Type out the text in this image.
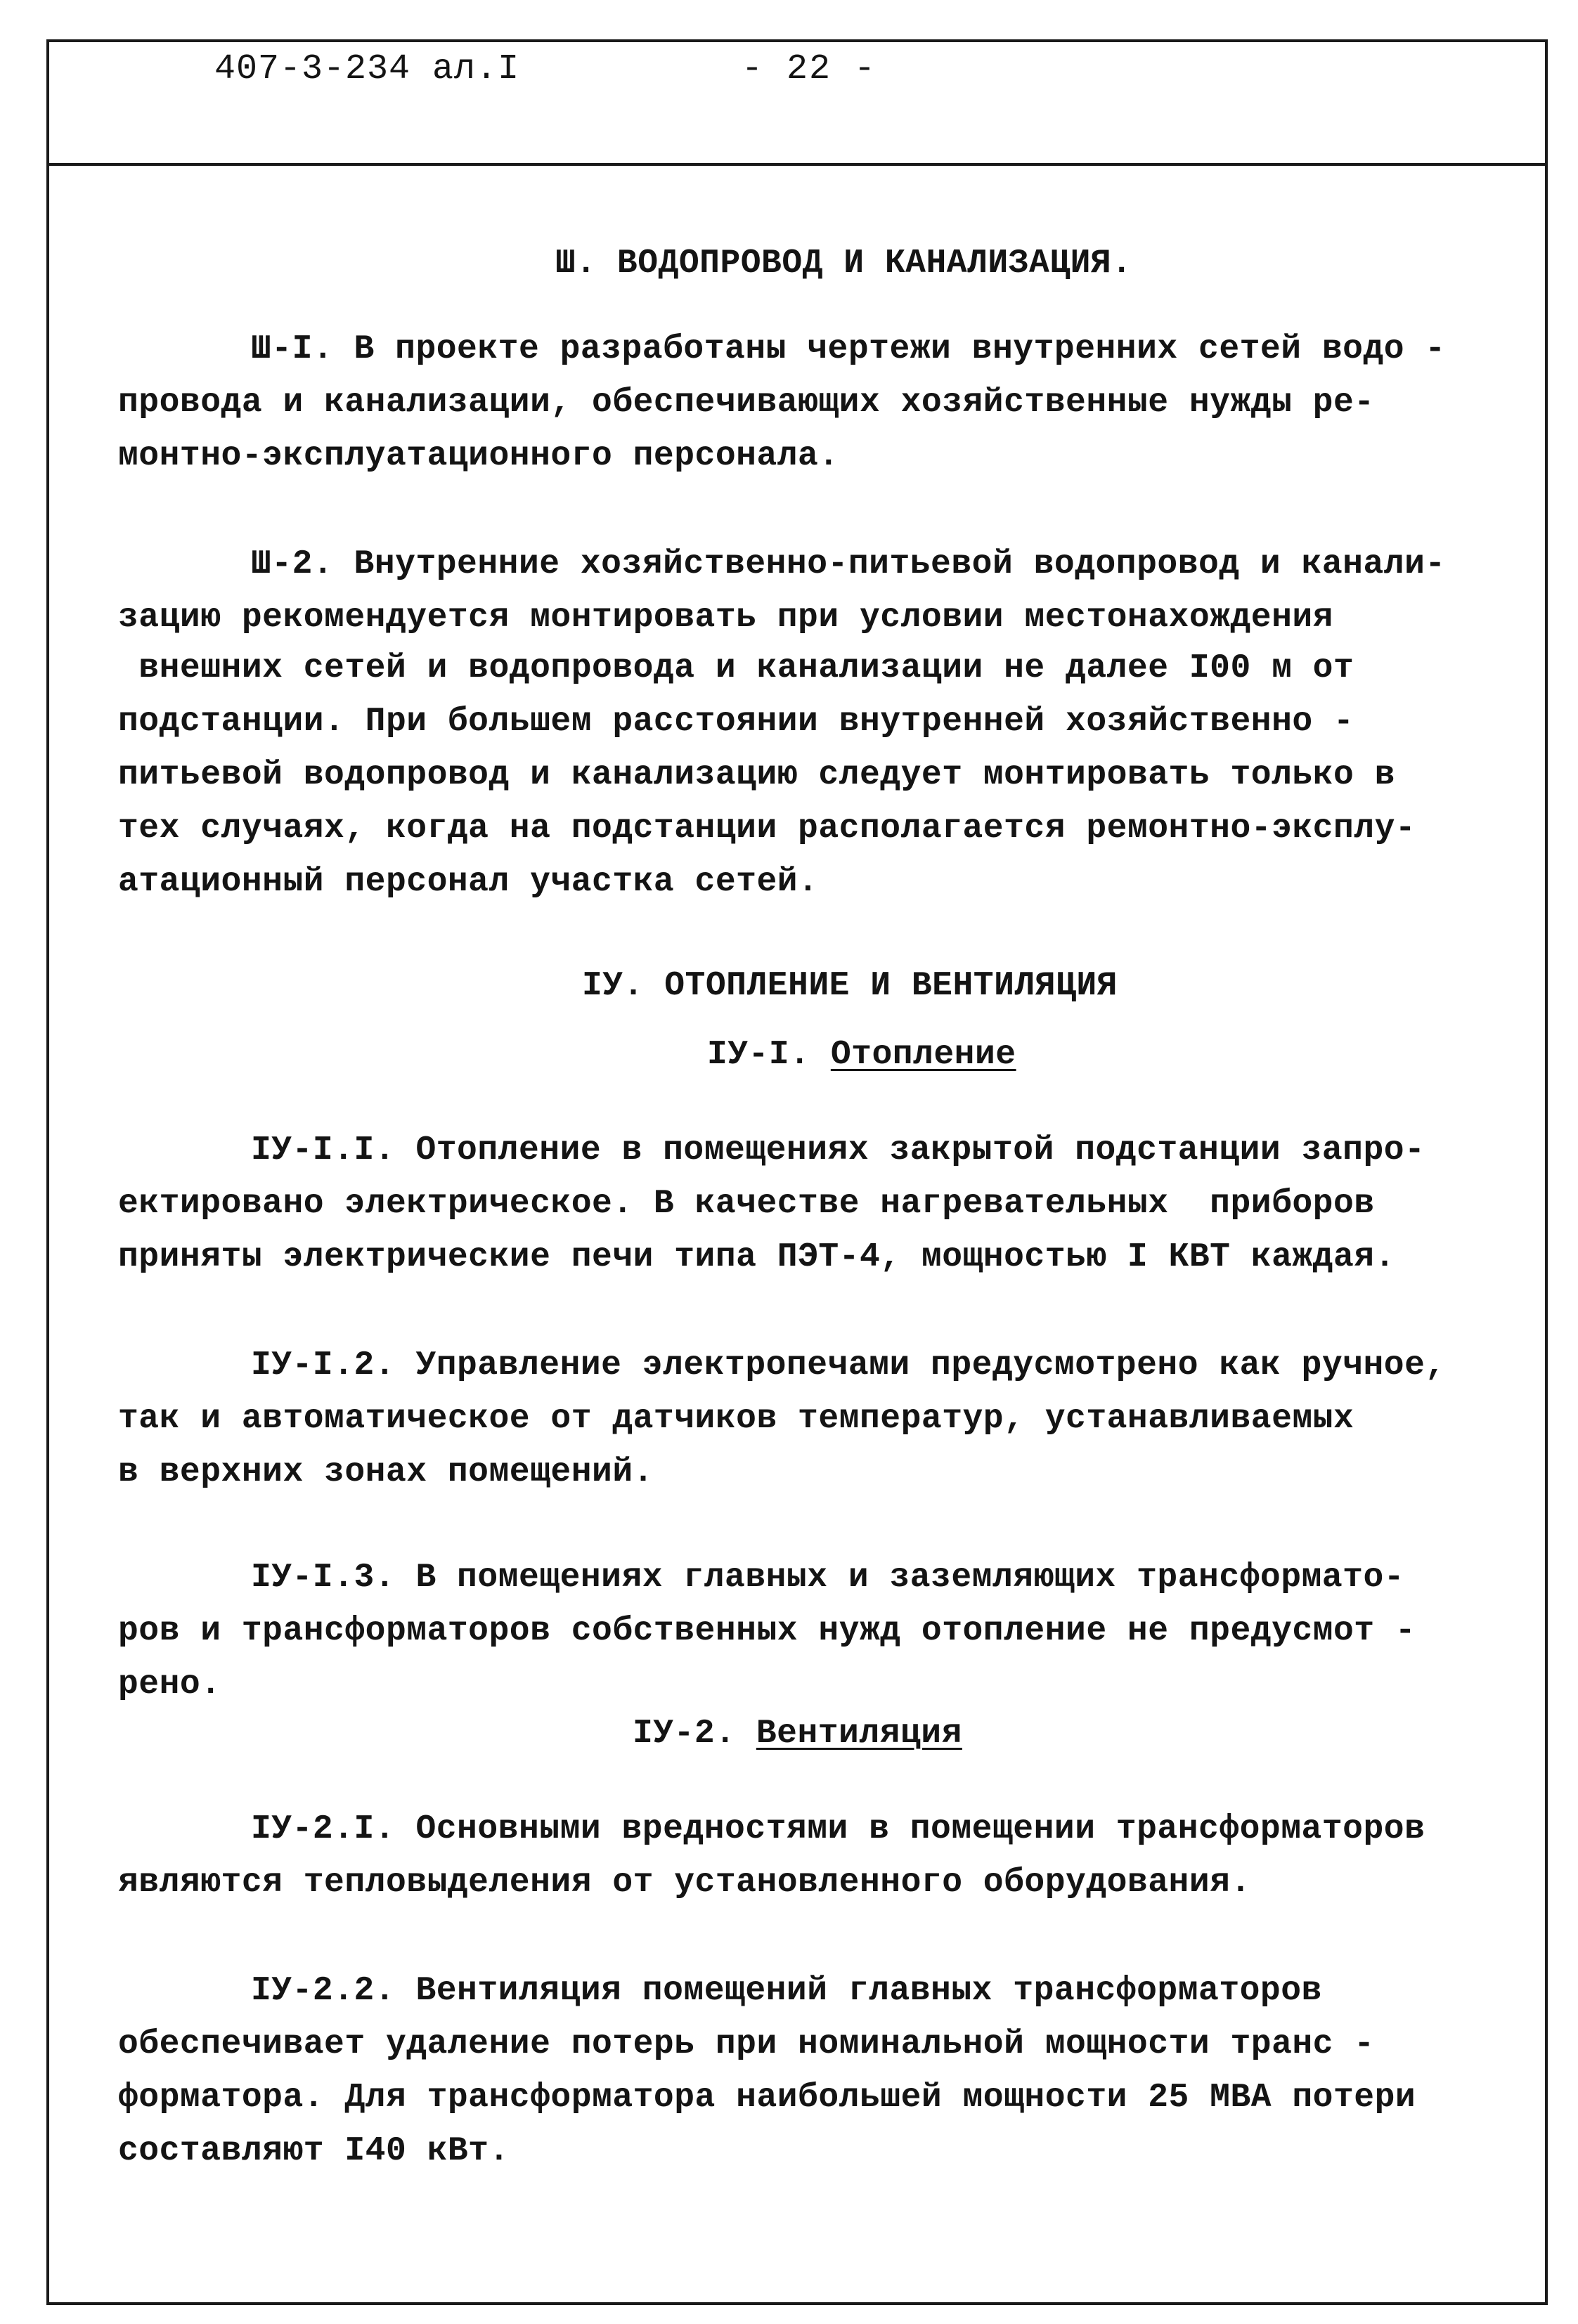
407-3-234 ал.I	- 22 -
Ш. ВОДОПРОВОД И КАНАЛИЗАЦИЯ.
Ш-I. В проекте разработаны чертежи внутренних сетей водо -
провода и канализации, обеспечивающих хозяйственные нужды ре-
монтно-эксплуатационного персонала.
Ш-2. Внутренние хозяйственно-питьевой водопровод и канали-
зацию рекомендуется монтировать при условии местонахождения
внешних сетей и водопровода и канализации не далее I00 м от
подстанции. При большем расстоянии внутренней хозяйственно -
питьевой водопровод и канализацию следует монтировать только в
тех случаях, когда на подстанции располагается ремонтно-эксплу-
атационный персонал участка сетей.
IУ. ОТОПЛЕНИЕ И ВЕНТИЛЯЦИЯ
IУ-I. Отопление
IУ-I.I. Отопление в помещениях закрытой подстанции запро-
ектировано электрическое. В качестве нагревательных  приборов
приняты электрические печи типа ПЭТ-4, мощностью I КВТ каждая.
IУ-I.2. Управление электропечами предусмотрено как ручное,
так и автоматическое от датчиков температур, устанавливаемых
в верхних зонах помещений.
IУ-I.3. В помещениях главных и заземляющих трансформато-
ров и трансформаторов собственных нужд отопление не предусмот -
рено.
IУ-2. Вентиляция
IУ-2.I. Основными вредностями в помещении трансформаторов
являются тепловыделения от установленного оборудования.
IУ-2.2. Вентиляция помещений главных трансформаторов
обеспечивает удаление потерь при номинальной мощности транс -
форматора. Для трансформатора наибольшей мощности 25 МВА потери
составляют I40 кВт.
